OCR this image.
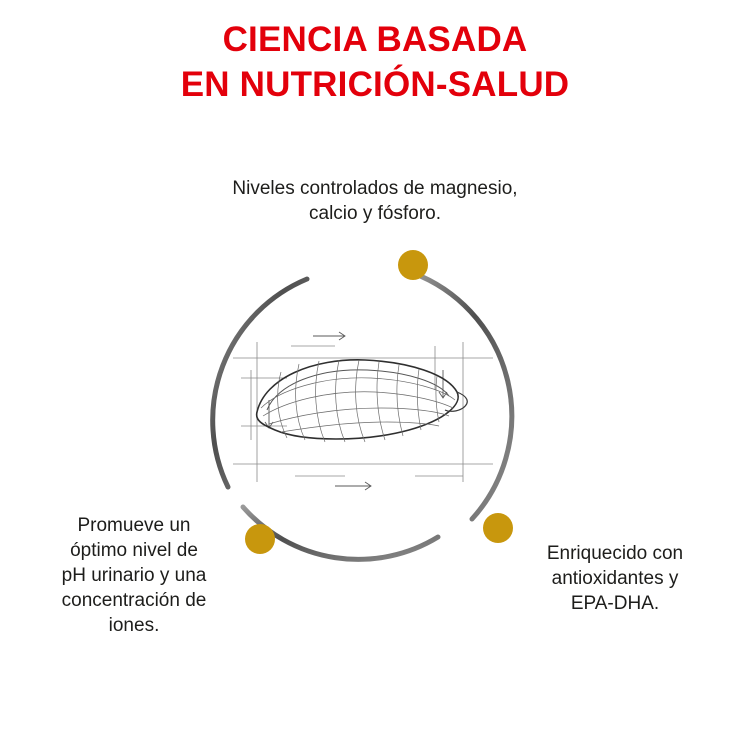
CIENCIA BASADA
EN NUTRICIÓN-SALUD
Niveles controlados de magnesio,
calcio y fósforo.
Promueve un
óptimo nivel de
pH urinario y una
concentración de
iones.
Enriquecido con
antioxidantes y
EPA-DHA.
